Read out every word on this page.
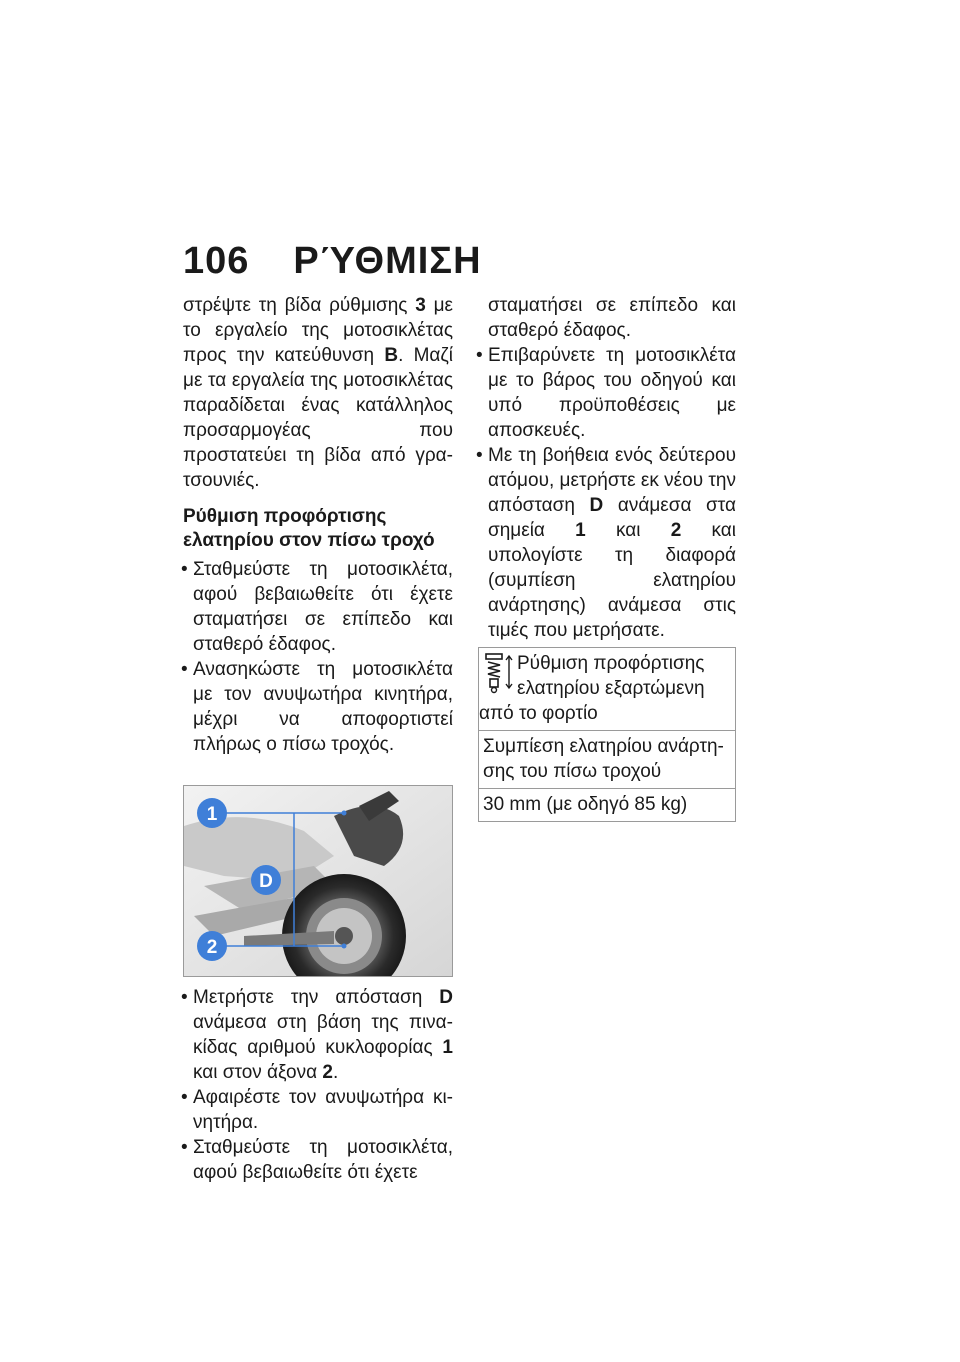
106 ΡΎΘΜΙΣΗ

στρέψτε τη βίδα ρύθμισης 3 με το εργαλείο της μοτοσικλέτας προς την κατεύθυνση B. Μαζί με τα εργαλεία της μοτοσικλέτας παραδίδεται ένας κατάλληλος προσαρμογέας που προστατεύει τη βίδα από γρατσουνιές.

Ρύθμιση προφόρτισης ελατηρίου στον πίσω τροχό

• Σταθμεύστε τη μοτοσικλέτα, αφού βεβαιωθείτε ότι έχετε σταματήσει σε επίπεδο και σταθερό έδαφος.

• Ανασηκώστε τη μοτοσικλέτα με τον ανυψωτήρα κινητήρα, μέχρι να αποφορτιστεί πλήρως ο πίσω τροχός.

1
D
2

• Μετρήστε την απόσταση D ανάμεσα στη βάση της πινακίδας αριθμού κυκλοφορίας 1 και στον άξονα 2.

• Αφαιρέστε τον ανυψωτήρα κινητήρα.

• Σταθμεύστε τη μοτοσικλέτα, αφού βεβαιωθείτε ότι έχετε

σταματήσει σε επίπεδο και σταθερό έδαφος.

• Επιβαρύνετε τη μοτοσικλέτα με το βάρος του οδηγού και υπό προϋποθέσεις με αποσκευές.

• Με τη βοήθεια ενός δεύτερου ατόμου, μετρήστε εκ νέου την απόσταση D ανάμεσα στα σημεία 1 και 2 και υπολογίστε τη διαφορά (συμπίεση ελατηρίου ανάρτησης) ανάμεσα στις τιμές που μετρήσατε.

Ρύθμιση προφόρτισης
ελατηρίου εξαρτώμενη
από το φορτίο
Συμπίεση ελατηρίου ανάρτησης του πίσω τροχού
30 mm (με οδηγό 85 kg)
